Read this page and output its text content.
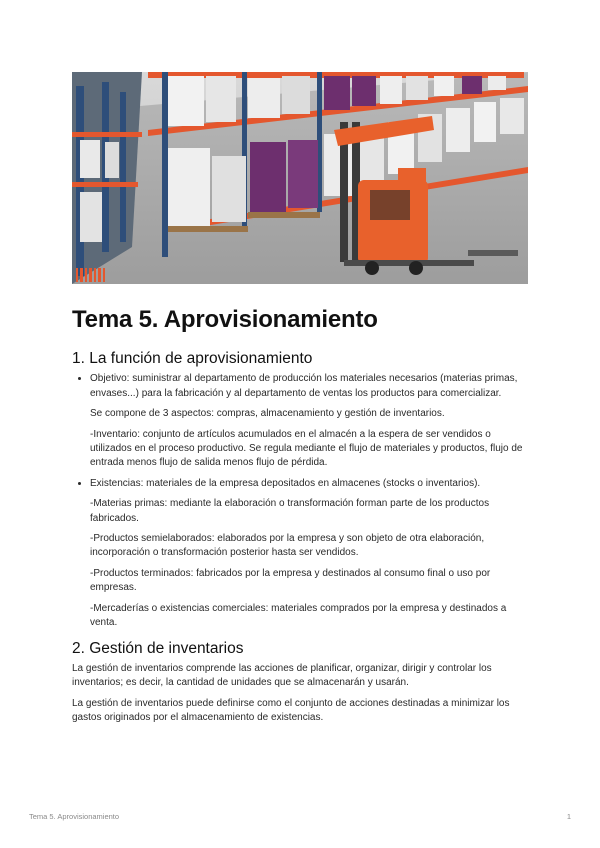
Tema 5. Aprovisionamiento
1. La función de aprovisionamiento

• Objetivo: suministrar al departamento de producción los materiales necesarios (materias primas, envases...) para la fabricación y al departamento de ventas los productos para comercializar.

Se compone de 3 aspectos: compras, almacenamiento y gestión de inventarios.

-Inventario: conjunto de artículos acumulados en el almacén a la espera de ser vendidos o utilizados en el proceso productivo. Se regula mediante el flujo de materiales y productos, flujo de entrada menos flujo de salida menos flujo de pérdida.

• Existencias: materiales de la empresa depositados en almacenes (stocks o inventarios).

-Materias primas: mediante la elaboración o transformación forman parte de los productos fabricados.

-Productos semielaborados: elaborados por la empresa y son objeto de otra elaboración, incorporación o transformación posterior hasta ser vendidos.

-Productos terminados: fabricados por la empresa y destinados al consumo final o uso por empresas.

-Mercaderías o existencias comerciales: materiales comprados por la empresa y destinados a venta.

2. Gestión de inventarios

La gestión de inventarios comprende las acciones de planificar, organizar, dirigir y controlar los inventarios; es decir, la cantidad de unidades que se almacenarán y usarán.

La gestión de inventarios puede definirse como el conjunto de acciones destinadas a minimizar los gastos originados por el almacenamiento de existencias.

Tema 5. Aprovisionamiento	1
